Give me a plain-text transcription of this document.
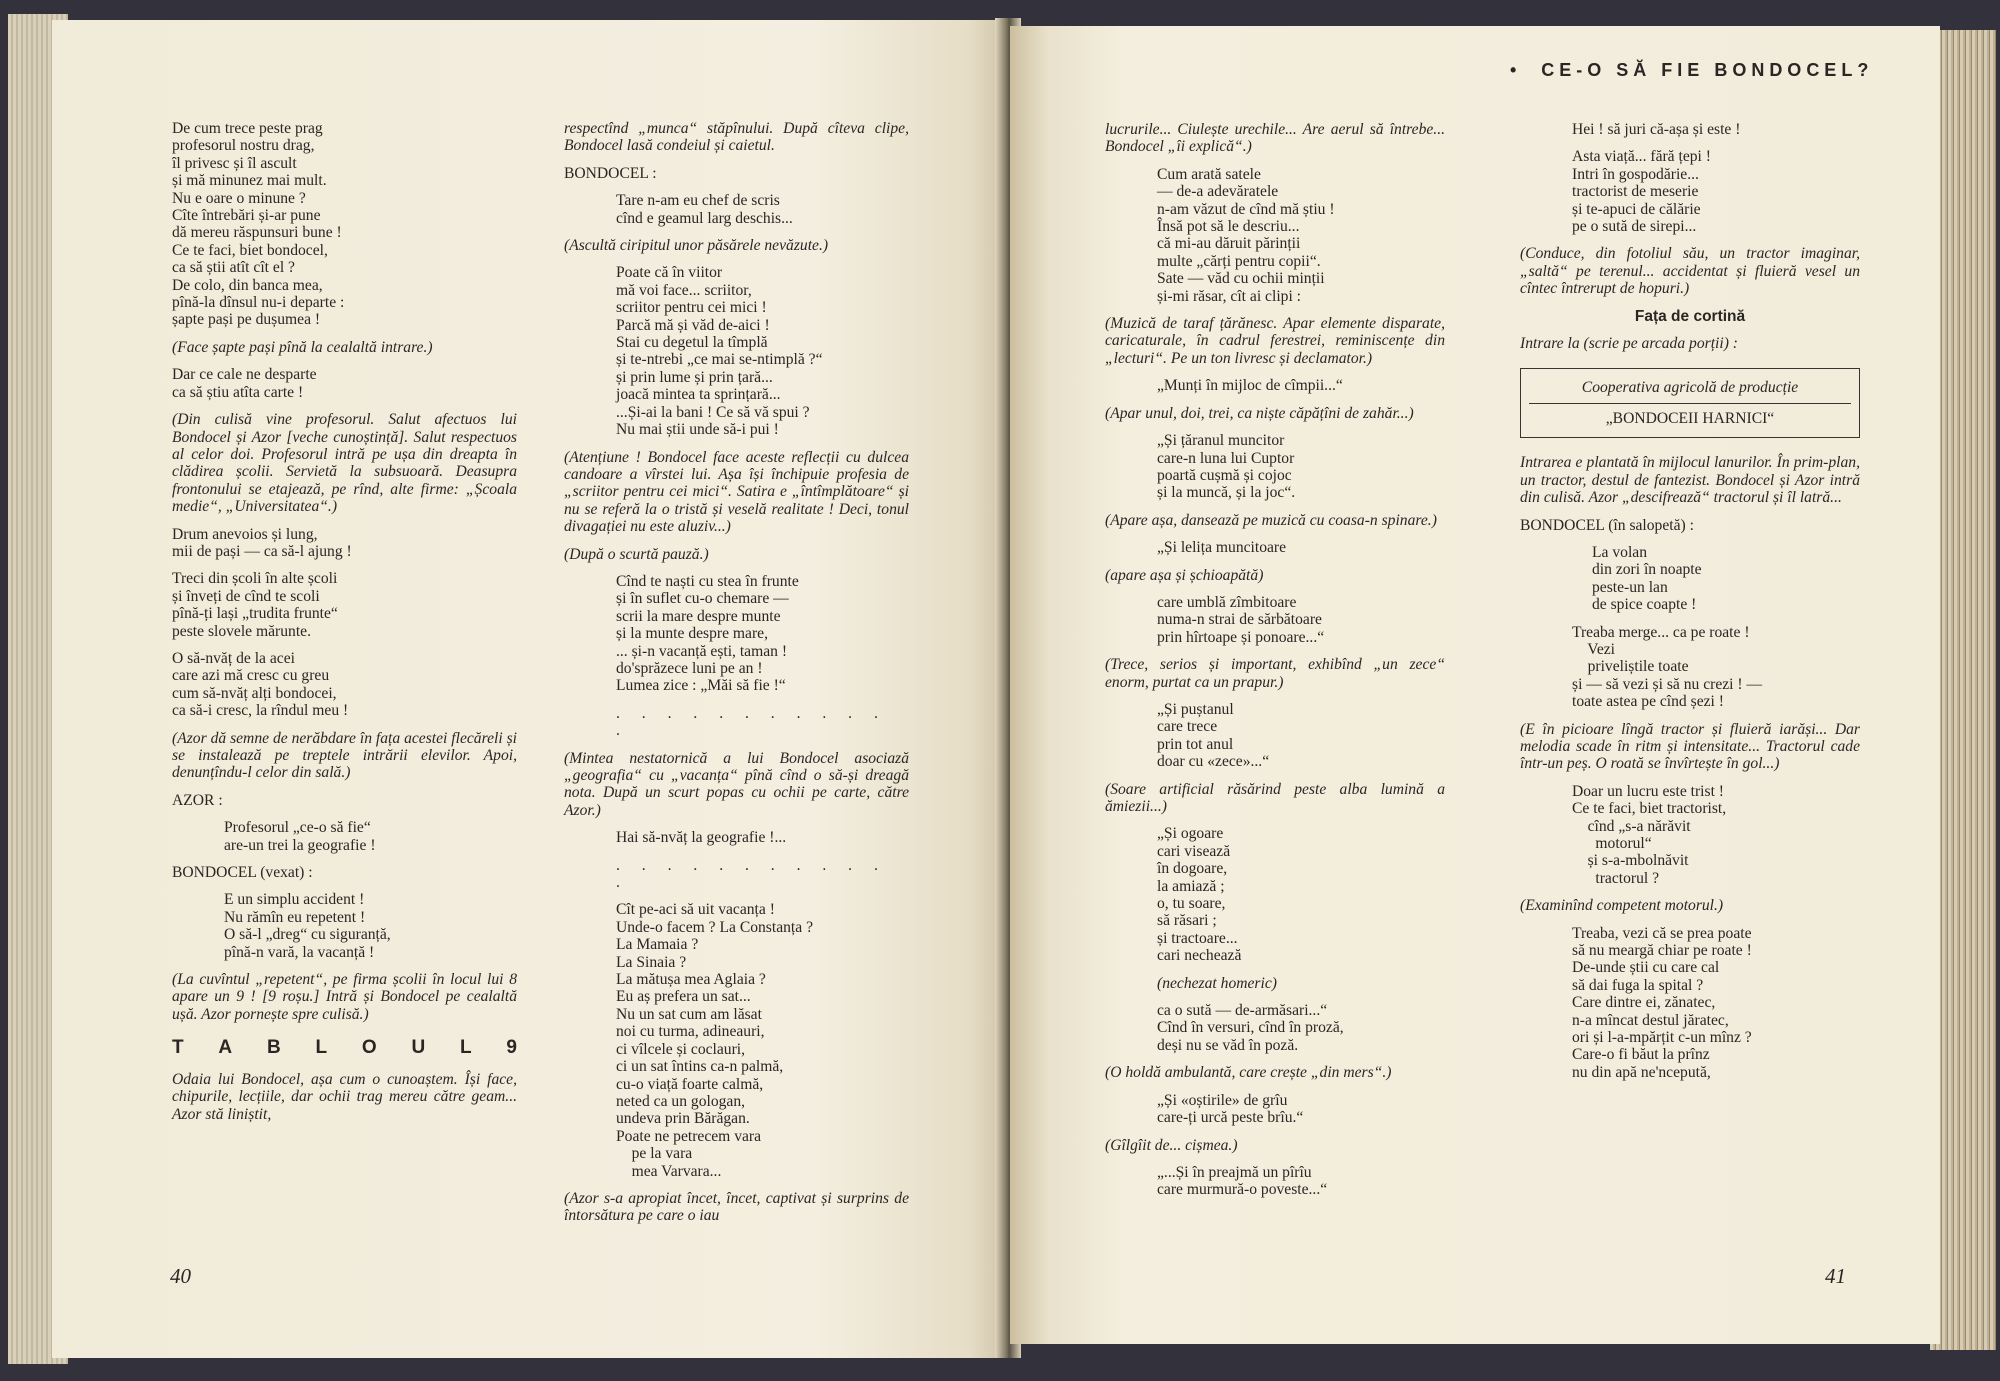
De cum trece peste prag
profesorul nostru drag,
îl privesc și îl ascult
și mă minunez mai mult.
Nu e oare o minune ?
Cîte întrebări și-ar pune
dă mereu răspunsuri bune !
Ce te faci, biet bondocel,
ca să știi atît cît el ?
De colo, din banca mea,
pînă-la dînsul nu-i departe :
șapte pași pe dușumea !

(Face șapte pași pînă la cealaltă intrare.)

Dar ce cale ne desparte
ca să știu atîta carte !

(Din culisă vine profesorul. Salut afectuos lui Bondocel și Azor [veche cunoștință]. Salut respectuos al celor doi. Profesorul intră pe ușa din dreapta în clădirea școlii. Servietă la subsuoară. Deasupra frontonului se etajează, pe rînd, alte firme: „Școala medie“, „Universitatea“.)

Drum anevoios și lung,
mii de pași — ca să-l ajung !
Treci din școli în alte școli
și înveți de cînd te scoli
pînă-ți lași „trudita frunte“
peste slovele mărunte.
O să-nvăț de la acei
care azi mă cresc cu greu
cum să-nvăț alți bondocei,
ca să-i cresc, la rîndul meu !

(Azor dă semne de nerăbdare în fața acestei flecăreli și se instalează pe treptele intrării elevilor. Apoi, denunțîndu-l celor din sală.)

AZOR :

Profesorul „ce-o să fie“
are-un trei la geografie !

BONDOCEL (vexat) :

E un simplu accident !
Nu rămîn eu repetent !
O să-l „dreg“ cu siguranță,
pînă-n vară, la vacanță !

(La cuvîntul „repetent“, pe firma școlii în locul lui 8 apare un 9 ! [9 roșu.] Intră și Bondocel pe cealaltă ușă. Azor pornește spre culisă.)

T A B L O U L 9

Odaia lui Bondocel, așa cum o cunoaștem. Își face, chipurile, lecțiile, dar ochii trag mereu către geam... Azor stă liniștit,

respectînd „munca“ stăpînului. După cîteva clipe, Bondocel lasă condeiul și caietul.

BONDOCEL :

Tare n-am eu chef de scris
cînd e geamul larg deschis...

(Ascultă ciripitul unor păsărele nevăzute.)

Poate că în viitor
mă voi face... scriitor,
scriitor pentru cei mici !
Parcă mă și văd de-aici !
Stai cu degetul la tîmplă
și te-ntrebi „ce mai se-ntimplă ?“
și prin lume și prin țară...
joacă mintea ta sprințară...
...Și-ai la bani ! Ce să vă spui ?
Nu mai știi unde să-i pui !

(Atențiune ! Bondocel face aceste reflecții cu dulcea candoare a vîrstei lui. Așa își închipuie profesia de „scriitor pentru cei mici“. Satira e „întîmplătoare“ și nu se referă la o tristă și veselă realitate ! Deci, tonul divagației nu este aluziv...)

(După o scurtă pauză.)

Cînd te naști cu stea în frunte
și în suflet cu-o chemare —
scrii la mare despre munte
și la munte despre mare,
... și-n vacanță ești, taman !
do'sprăzece luni pe an !
Lumea zice : „Măi să fie !“

. . . . . . . . . . . .

(Mintea nestatornică a lui Bondocel asociază „geografia“ cu „vacanța“ pînă cînd o să-și dreagă nota. După un scurt popas cu ochii pe carte, către Azor.)

Hai să-nvăț la geografie !...

. . . . . . . . . . . .

Cît pe-aci să uit vacanța !
Unde-o facem ? La Constanța ?
La Mamaia ?
La Sinaia ?
La mătușa mea Aglaia ?
Eu aș prefera un sat...
Nu un sat cum am lăsat
noi cu turma, adineauri,
ci vîlcele și coclauri,
ci un sat întins ca-n palmă,
cu-o viață foarte calmă,
neted ca un gologan,
undeva prin Bărăgan.
Poate ne petrecem vara
pe la vara
mea Varvara...

(Azor s-a apropiat încet, încet, captivat și surprins de întorsătura pe care o iau

40
•  CE-O SĂ FIE BONDOCEL?

lucrurile... Ciulește urechile... Are aerul să întrebe... Bondocel „îi explică“.)

Cum arată satele
— de-a adevăratele
n-am văzut de cînd mă știu !
Însă pot să le descriu...
că mi-au dăruit părinții
multe „cărți pentru copii“.
Sate — văd cu ochii minții
și-mi răsar, cît ai clipi :

(Muzică de taraf țărănesc. Apar elemente disparate, caricaturale, în cadrul ferestrei, reminiscențe din „lecturi“. Pe un ton livresc și declamator.)

„Munți în mijloc de cîmpii...“

(Apar unul, doi, trei, ca niște căpățîni de zahăr...)

„Și țăranul muncitor
care-n luna lui Cuptor
poartă cușmă și cojoc
și la muncă, și la joc“.

(Apare așa, dansează pe muzică cu coasa-n spinare.)

„Și lelița muncitoare

(apare așa și șchioapătă)

care umblă zîmbitoare
numa-n strai de sărbătoare
prin hîrtoape și ponoare...“

(Trece, serios și important, exhibînd „un zece“ enorm, purtat ca un prapur.)

„Și puștanul
care trece
prin tot anul
doar cu «zece»...“

(Soare artificial răsărind peste alba lumină a ămiezii...)

„Și ogoare
cari visează
în dogoare,
la amiază ;
o, tu soare,
să răsari ;
și tractoare...
cari nechează

(nechezat homeric)

ca o sută — de-armăsari...“
Cînd în versuri, cînd în proză,
deși nu se văd în poză.

(O holdă ambulantă, care crește „din mers“.)

„Și «oștirile» de grîu
care-ți urcă peste brîu.“

(Gîlgîit de... cișmea.)

„...Și în preajmă un pîrîu
care murmură-o poveste...“
Hei ! să juri că-așa și este !
Asta viață... fără țepi !
Intri în gospodărie...
tractorist de meserie
și te-apuci de călărie
pe o sută de sirepi...

(Conduce, din fotoliul său, un tractor imaginar, „saltă“ pe terenul... accidentat și fluieră vesel un cîntec întrerupt de hopuri.)

Fața de cortină

Intrare la (scrie pe arcada porții) :

Cooperativa agricolă de producție
„BONDOCEII HARNICI“

Intrarea e plantată în mijlocul lanurilor. În prim-plan, un tractor, destul de fantezist. Bondocel și Azor intră din culisă. Azor „descifrează“ tractorul și îl latră...

BONDOCEL (în salopetă) :

La volan
din zori în noapte
peste-un lan
de spice coapte !
Treaba merge... ca pe roate !
Vezi
priveliștile toate
și — să vezi și să nu crezi ! —
toate astea pe cînd șezi !

(E în picioare lîngă tractor și fluieră iarăși... Dar melodia scade în ritm și intensitate... Tractorul cade într-un peș. O roată se învîrtește în gol...)

Doar un lucru este trist !
Ce te faci, biet tractorist,
cînd „s-a nărăvit
motorul“
și s-a-mbolnăvit
tractorul ?

(Examinînd competent motorul.)

Treaba, vezi că se prea poate
să nu meargă chiar pe roate !
De-unde știi cu care cal
să dai fuga la spital ?
Care dintre ei, zănatec,
n-a mîncat destul jăratec,
ori și l-a-mpărțit c-un mînz ?
Care-o fi băut la prînz
nu din apă ne'ncepută,
41
